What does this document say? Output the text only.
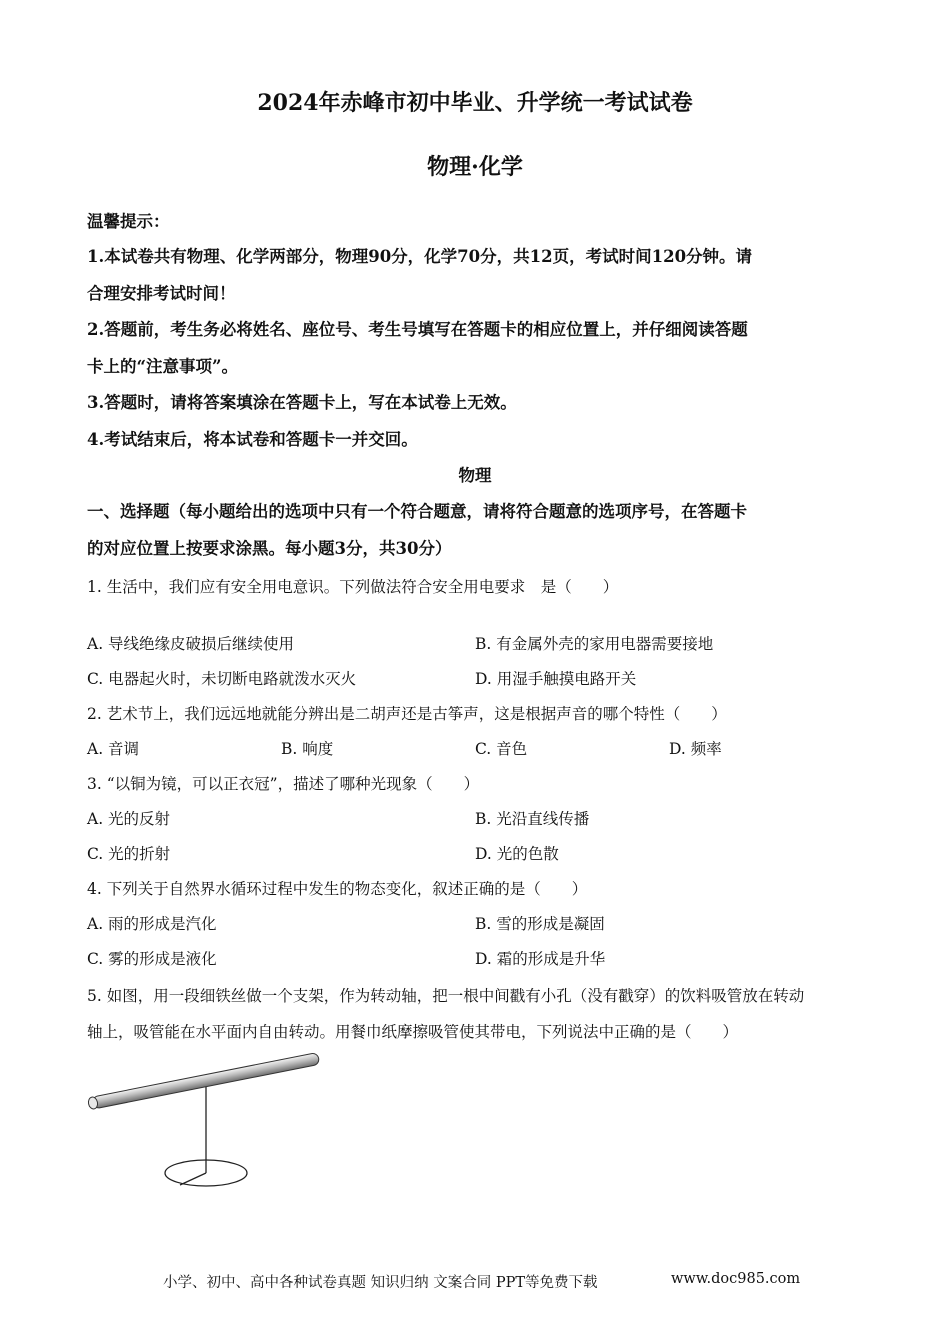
2024年赤峰市初中毕业、升学统一考试试卷
物理·化学
温馨提示：
1.本试卷共有物理、化学两部分，物理90分，化学70分，共12页，考试时间120分钟。请
合理安排考试时间！
2.答题前，考生务必将姓名、座位号、考生号填写在答题卡的相应位置上，并仔细阅读答题
卡上的“注意事项”。
3.答题时，请将答案填涂在答题卡上，写在本试卷上无效。
4.考试结束后，将本试卷和答题卡一并交回。
物理
一、选择题（每小题给出的选项中只有一个符合题意，请将符合题意的选项序号，在答题卡
的对应位置上按要求涂黑。每小题3分，共30分）
1. 生活中，我们应有安全用电意识。下列做法符合安全用电要求　是（　　）
A. 导线绝缘皮破损后继续使用	B. 有金属外壳的家用电器需要接地
C. 电器起火时，未切断电路就泼水灭火	D. 用湿手触摸电路开关
2. 艺术节上，我们远远地就能分辨出是二胡声还是古筝声，这是根据声音的哪个特性（　　）
A. 音调	B. 响度	C. 音色	D. 频率
3. “以铜为镜，可以正衣冠”，描述了哪种光现象（　　）
A. 光的反射	B. 光沿直线传播
C. 光的折射	D. 光的色散
4. 下列关于自然界水循环过程中发生的物态变化，叙述正确的是（　　）
A. 雨的形成是汽化	B. 雪的形成是凝固
C. 雾的形成是液化	D. 霜的形成是升华
5. 如图，用一段细铁丝做一个支架，作为转动轴，把一根中间戳有小孔（没有戳穿）的饮料吸管放在转动
轴上，吸管能在水平面内自由转动。用餐巾纸摩擦吸管使其带电，下列说法中正确的是（　　）
小学、初中、高中各种试卷真题 知识归纳 文案合同 PPT等免费下载	www.doc985.com
